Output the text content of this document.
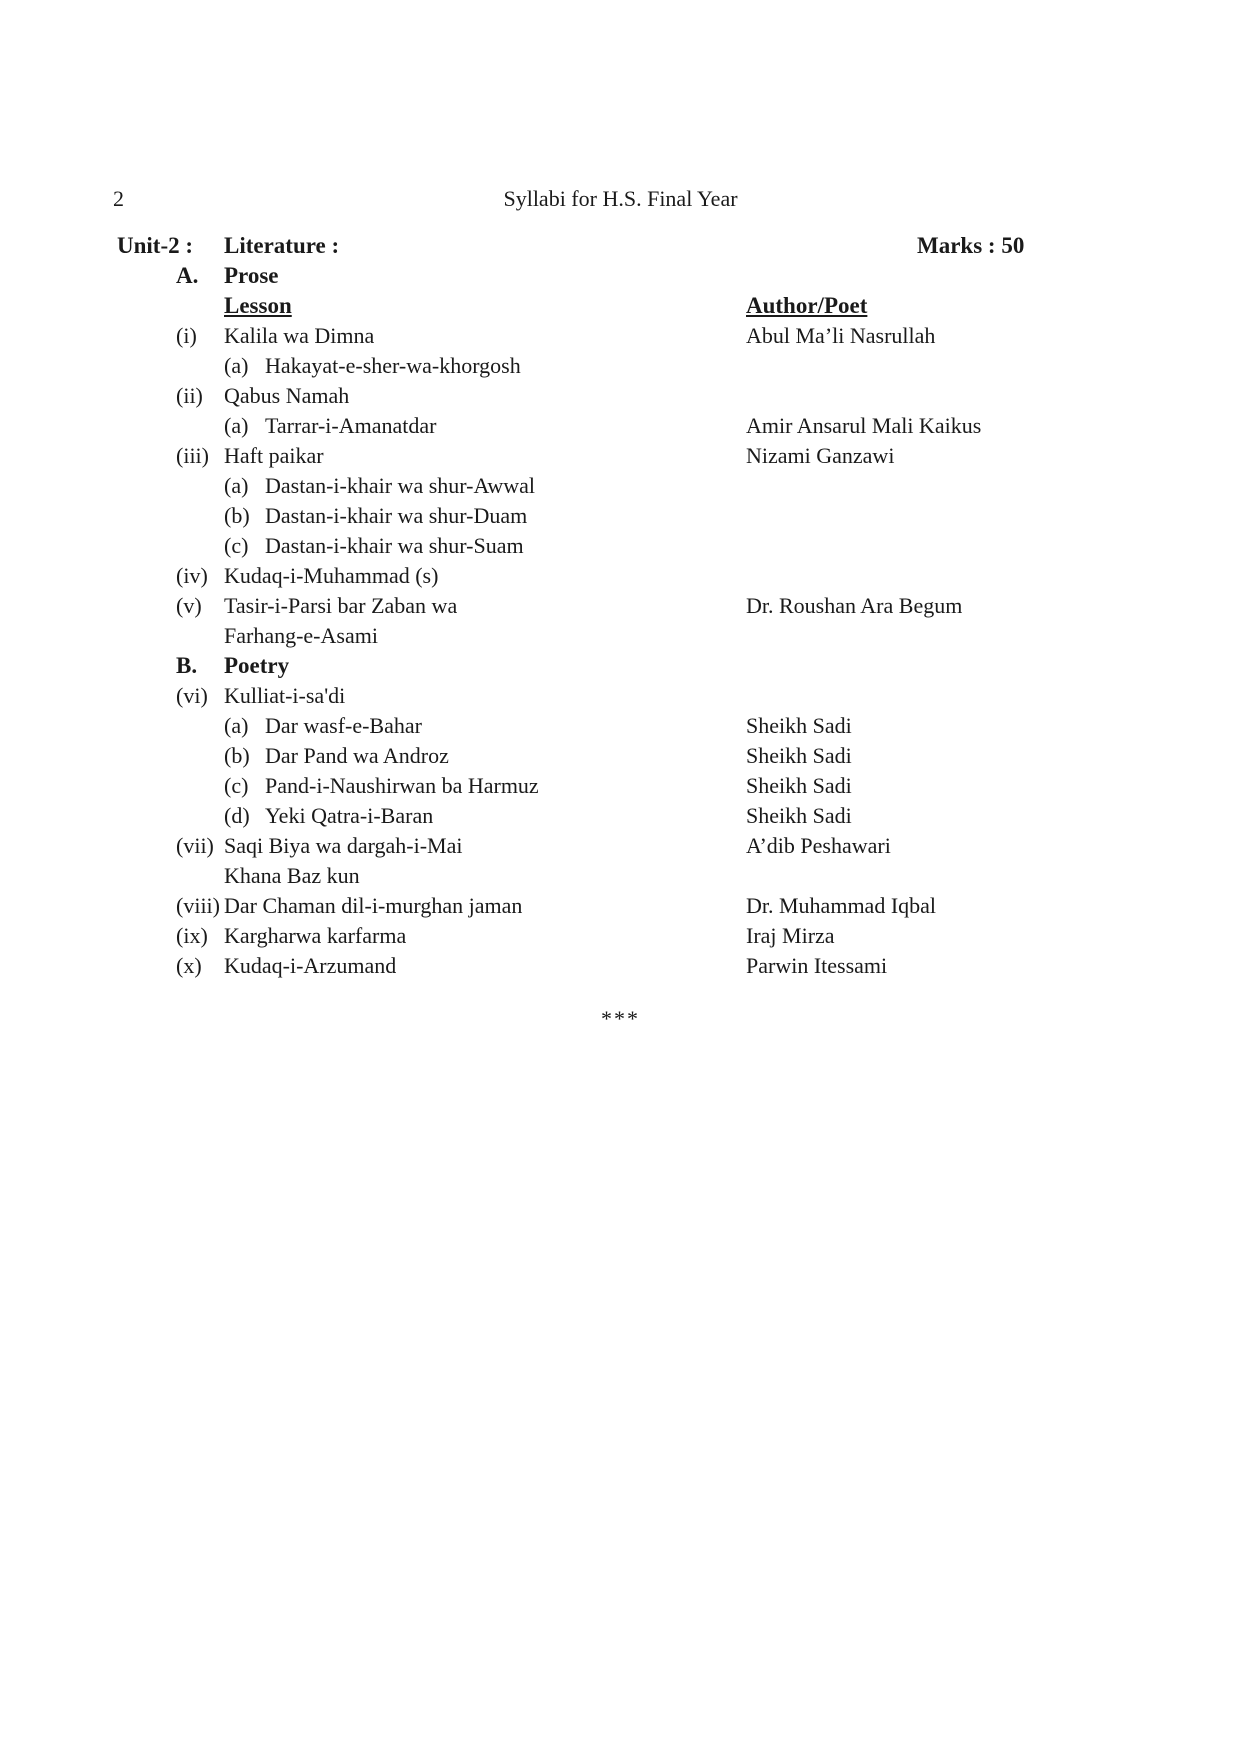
2	Syllabi for H.S. Final Year
Unit-2 : Literature :	Marks : 50
A. Prose
Lesson	Author/Poet
(i) Kalila wa Dimna	Abul Ma’li Nasrullah
(a) Hakayat-e-sher-wa-khorgosh
(ii) Qabus Namah
(a) Tarrar-i-Amanatdar	Amir Ansarul Mali Kaikus
(iii) Haft paikar	Nizami Ganzawi
(a) Dastan-i-khair wa shur-Awwal
(b) Dastan-i-khair wa shur-Duam
(c) Dastan-i-khair wa shur-Suam
(iv) Kudaq-i-Muhammad (s)
(v) Tasir-i-Parsi bar Zaban wa	Dr. Roushan Ara Begum
Farhang-e-Asami
B. Poetry
(vi) Kulliat-i-sa'di
(a) Dar wasf-e-Bahar	Sheikh Sadi
(b) Dar Pand wa Androz	Sheikh Sadi
(c) Pand-i-Naushirwan ba Harmuz	Sheikh Sadi
(d) Yeki Qatra-i-Baran	Sheikh Sadi
(vii) Saqi Biya wa dargah-i-Mai	A’dib Peshawari
Khana Baz kun
(viii) Dar Chaman dil-i-murghan jaman	Dr. Muhammad Iqbal
(ix) Kargharwa karfarma	Iraj Mirza
(x) Kudaq-i-Arzumand	Parwin Itessami
***
